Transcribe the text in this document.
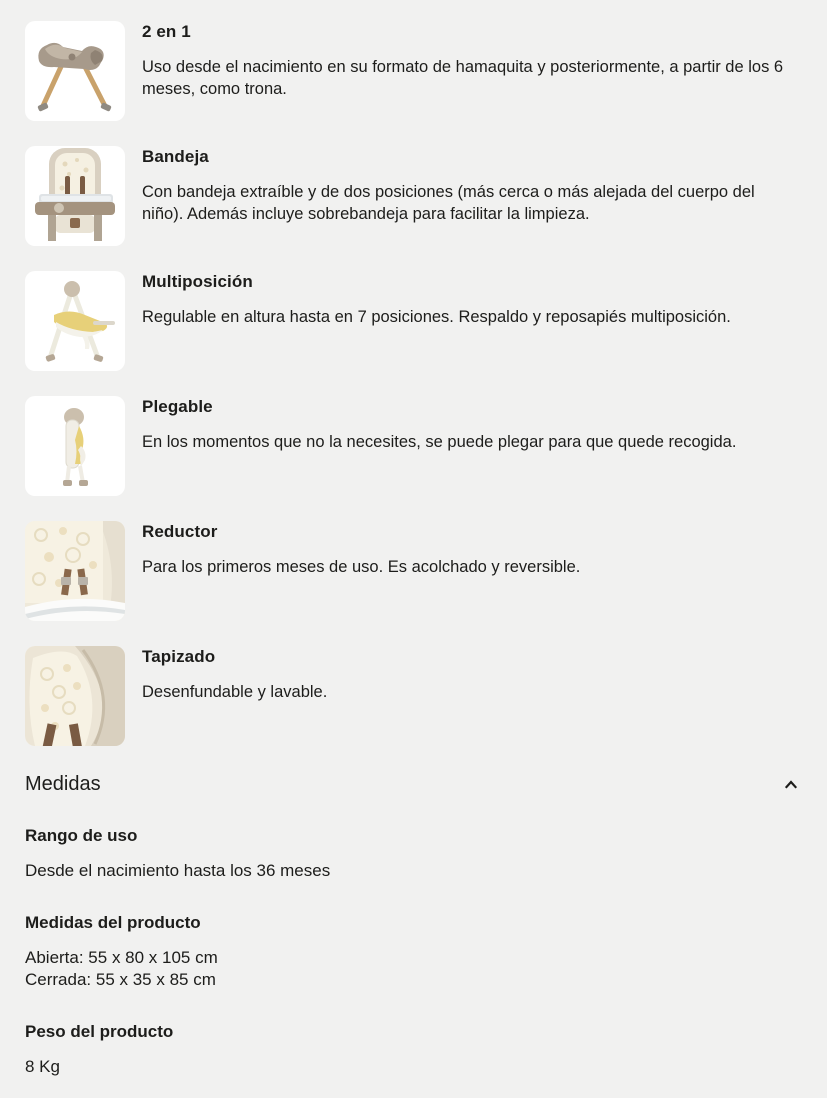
2 en 1

Uso desde el nacimiento en su formato de hamaquita y posteriormente, a partir de los 6 meses, como trona.

Bandeja

Con bandeja extraíble y de dos posiciones (más cerca o más alejada del cuerpo del niño). Además incluye sobrebandeja para facilitar la limpieza.

Multiposición

Regulable en altura hasta en 7 posiciones. Respaldo y reposapiés multiposición.

Plegable

En los momentos que no la necesites, se puede plegar para que quede recogida.

Reductor

Para los primeros meses de uso. Es acolchado y reversible.

Tapizado

Desenfundable y lavable.

Medidas
Rango de uso

Desde el nacimiento hasta los 36 meses

Medidas del producto

Abierta: 55 x 80 x 105 cm

Cerrada: 55 x 35 x 85 cm

Peso del producto

8 Kg
